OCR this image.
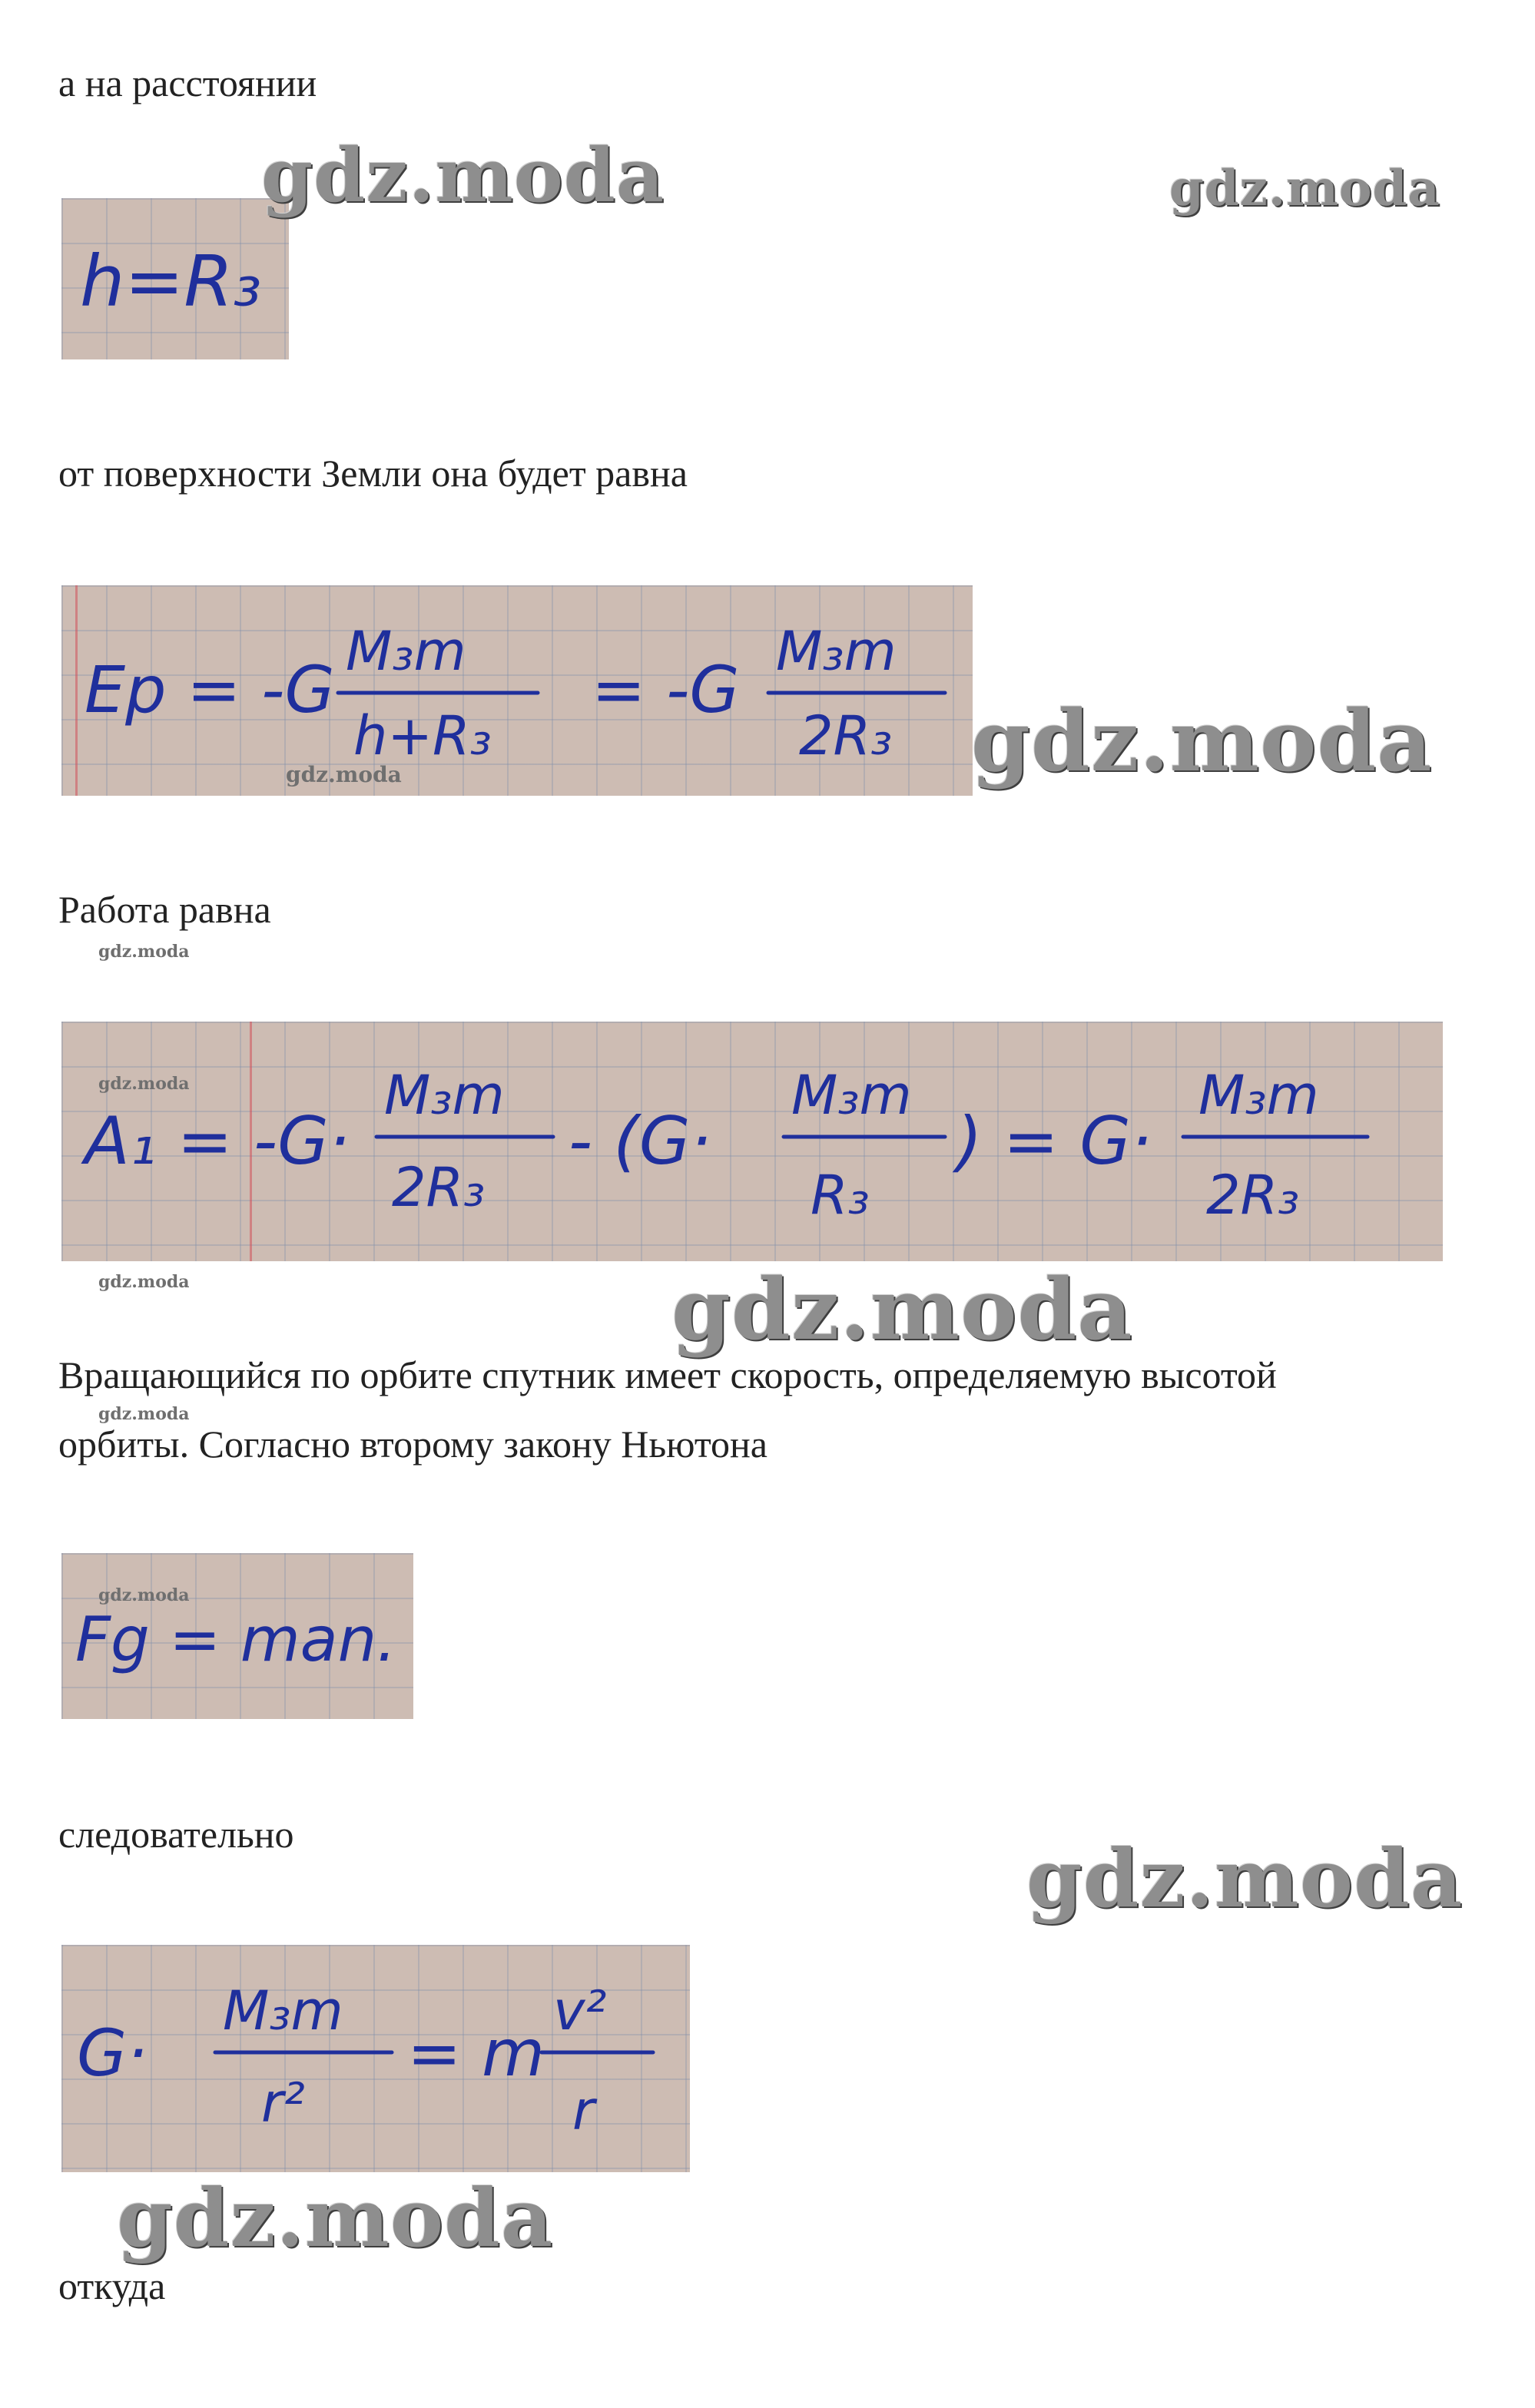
а на расстоянии

от поверхности Земли она будет равна

Работа равна

Вращающийся по орбите спутник имеет скорость, определяемую высотой

орбиты. Согласно второму закону Ньютона

следовательно

откуда

h=R₃
Eр = -G
M₃m
h+R₃
= -G
M₃m
2R₃
A₁ = -G·
M₃m
2R₃
- (G·
M₃m
R₃
) = G·
M₃m
2R₃
Fg = man.
G·
M₃m
r²
= m
v²
r
gdz.moda	gdz.moda
gdz.moda
gdz.moda
gdz.moda
gdz.moda
gdz.moda	gdz.moda
gdz.moda
gdz.moda
gdz.moda
gdz.moda
